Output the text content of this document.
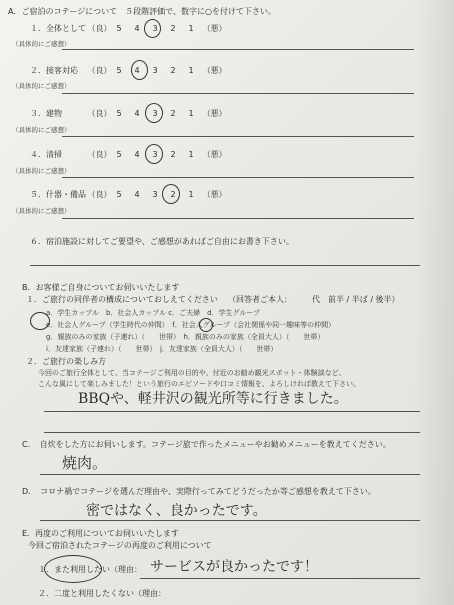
A．ご宿泊のコテージについて　５段階評価で、数字に○を付けて下さい。
１．全体として （良） 5 4 3 2 1 （悪）
（具体的にご感想）
２．接客対応 （良） 5 4 3 2 1 （悪）
（具体的にご感想）
３．建物	（良） 5 4 3 2 1 （悪）
（具体的にご感想）
４．清掃	（良） 5 4 3 2 1 （悪）
（具体的にご感想）
５．什器・備品 （良） 5 4 3 2 1 （悪）
（具体的にご感想）
６．宿泊施設に対してご要望や、ご感想があればご自由にお書き下さい。
B．お客様ご自身についてお伺いいたします
１．ご旅行の同伴者の構成についておしえてください （回答者ご本人：　　　代　前半 / 半ば / 後半）
a．学生カップル　b．社会人カップル c．ご夫婦　d．学生グループ
e．社会人グループ（学生時代の仲間）　f．社会人グループ（会社関係や同一趣味等の仲間）
g．親族のみの家族（子連れ）（　　世帯）　h．親族のみの家族（全員大人）（　　世帯）
i．友達家族（子連れ）（　　世帯）　j．友達家族（全員大人）（　　世帯）
２．ご旅行の楽しみ方
今回のご旅行全体として、当コテージご利用の目的や、付近のお勧め観光スポット・体験談など、
こんな風にして楽しみました！という旅行のエピソードや口コミ情報を、よろしければ教えて下さい。
BBQや、軽井沢の観光所等に行きました。
C．　自炊をした方にお伺いします。コテージ旅で作ったメニューやお勧めメニューを教えてください。
焼肉。
D．　コロナ禍でコテージを選んだ理由や、実際行ってみてどうだったか等ご感想を教えて下さい。
密ではなく、良かったです。
E．再度のご利用についてお伺いいたします
今回ご宿泊されたコテージの再度のご利用について
１．また利用したい（理由： サービスが良かったです！
２．二度と利用したくない（理由：
